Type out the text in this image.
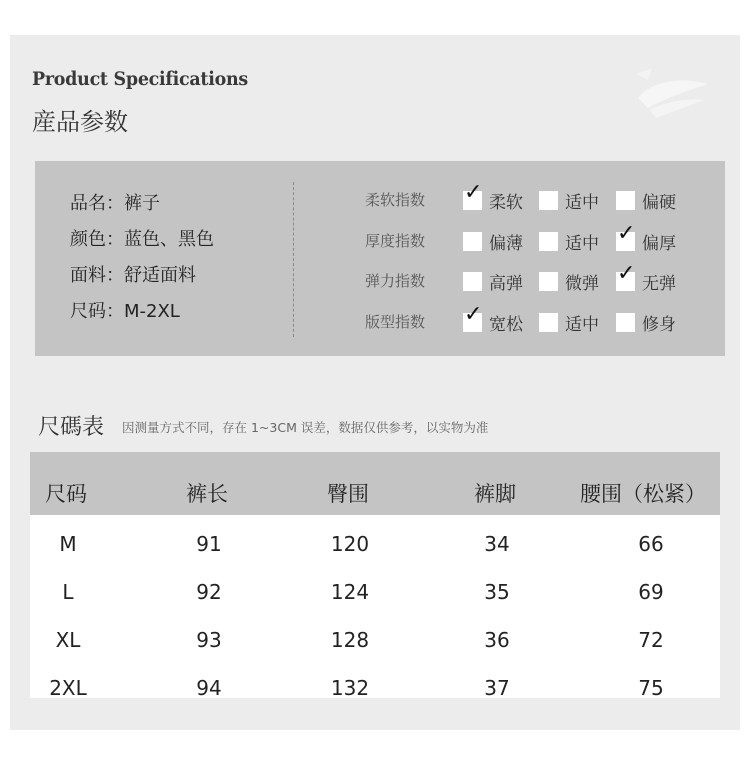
Product Specifications
産品参数
品名：裤子
颜色：蓝色、黑色
面料：舒适面料
尺码：M-2XL
柔软指数	✓ 柔软 适中	偏硬
厚度指数	偏薄 适中 ✓ 偏厚
弹力指数	高弹 微弹 ✓ 无弹
版型指数	✓ 宽松 适中	修身
尺碼表 因测量方式不同，存在 1~3CM 误差，数据仅供参考，以实物为准
尺码	裤长	臀围	裤脚	腰围（松紧）
M	91	120	34	66
L	92	124	35	69
XL	93	128	36	72
2XL	94	132	37	75
